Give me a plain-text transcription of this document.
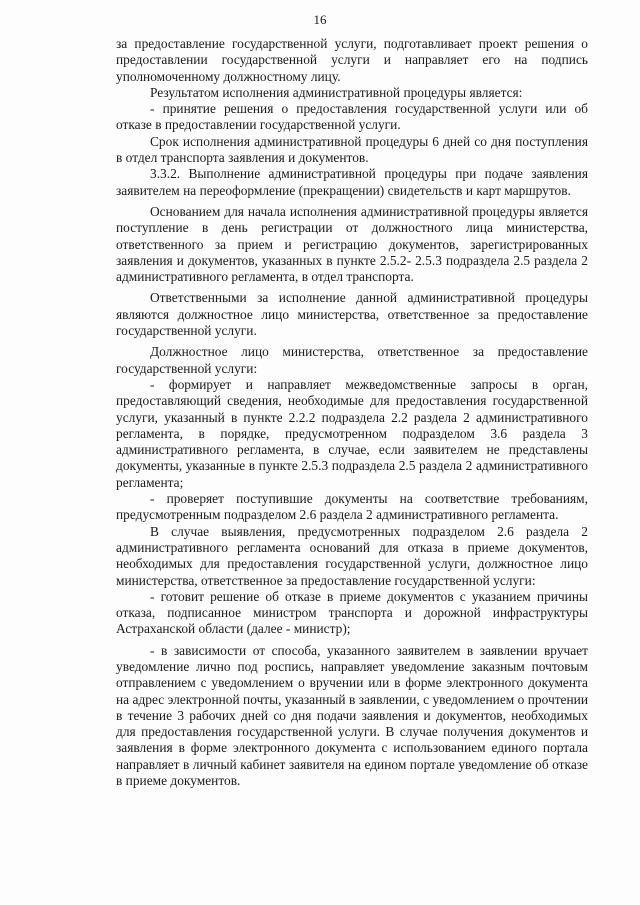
16

за предоставление государственной услуги, подготавливает проект решения о предоставлении государственной услуги и направляет его на подпись уполномоченному должностному лицу.

Результатом исполнения административной процедуры является:

- принятие решения о предоставления государственной услуги или об отказе в предоставлении государственной услуги.

Срок исполнения административной процедуры 6 дней со дня поступления в отдел транспорта заявления и документов.

3.3.2. Выполнение административной процедуры при подаче заявления заявителем на переоформление (прекращении) свидетельств и карт маршрутов.

Основанием для начала исполнения административной процедуры является поступление в день регистрации от должностного лица министерства, ответственного за прием и регистрацию документов, зарегистрированных заявления и документов, указанных в пункте 2.5.2- 2.5.3 подраздела 2.5 раздела 2 административного регламента, в отдел транспорта.

Ответственными за исполнение данной административной процедуры являются должностное лицо министерства, ответственное за предоставление государственной услуги.

Должностное лицо министерства, ответственное за предоставление государственной услуги:

- формирует и направляет межведомственные запросы в орган, предоставляющий сведения, необходимые для предоставления государственной услуги, указанный в пункте 2.2.2 подраздела 2.2 раздела 2 административного регламента, в порядке, предусмотренном подразделом 3.6 раздела 3 административного регламента, в случае, если заявителем не представлены документы, указанные в пункте 2.5.3 подраздела 2.5 раздела 2 административного регламента;

- проверяет поступившие документы на соответствие требованиям, предусмотренным подразделом 2.6 раздела 2 административного регламента.

В случае выявления, предусмотренных подразделом 2.6 раздела 2 административного регламента оснований для отказа в приеме документов, необходимых для предоставления государственной услуги, должностное лицо министерства, ответственное за предоставление государственной услуги:

- готовит решение об отказе в приеме документов с указанием причины отказа, подписанное министром транспорта и дорожной инфраструктуры Астраханской области (далее - министр);

- в зависимости от способа, указанного заявителем в заявлении вручает уведомление лично под роспись, направляет уведомление заказным почтовым отправлением с уведомлением о вручении или в форме электронного документа на адрес электронной почты, указанный в заявлении, с уведомлением о прочтении в течение 3 рабочих дней со дня подачи заявления и документов, необходимых для предоставления государственной услуги. В случае получения документов и заявления в форме электронного документа с использованием единого портала направляет в личный кабинет заявителя на едином портале уведомление об отказе в приеме документов.
